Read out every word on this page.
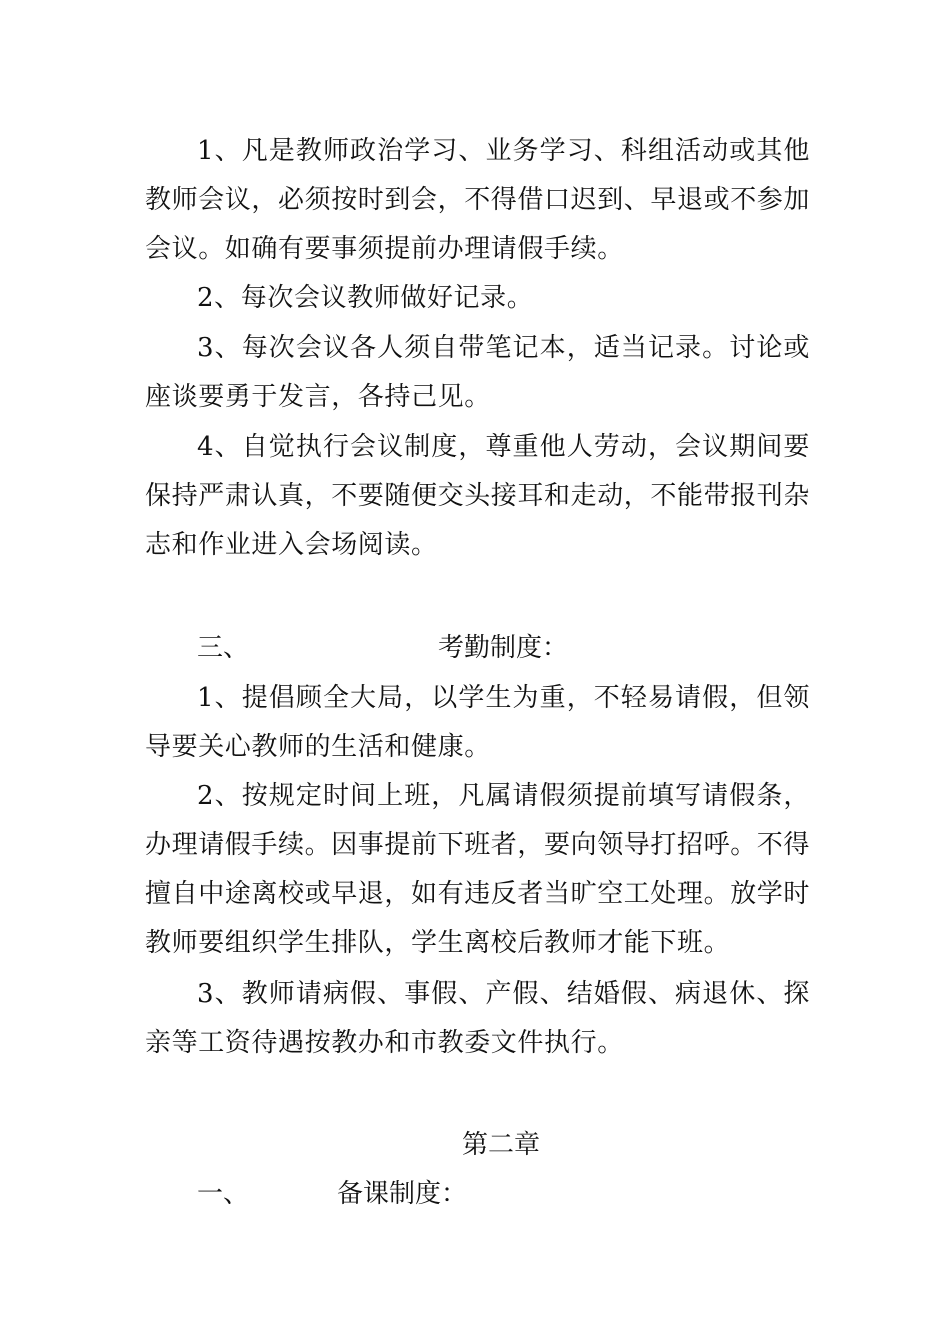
1、凡是教师政治学习、业务学习、科组活动或其他教师会议，必须按时到会，不得借口迟到、早退或不参加会议。如确有要事须提前办理请假手续。

2、每次会议教师做好记录。

3、每次会议各人须自带笔记本，适当记录。讨论或座谈要勇于发言，各持己见。

4、自觉执行会议制度，尊重他人劳动，会议期间要保持严肃认真，不要随便交头接耳和走动，不能带报刊杂志和作业进入会场阅读。

三、	考勤制度：

1、提倡顾全大局，以学生为重，不轻易请假，但领导要关心教师的生活和健康。

2、按规定时间上班，凡属请假须提前填写请假条，办理请假手续。因事提前下班者，要向领导打招呼。不得擅自中途离校或早退，如有违反者当旷空工处理。放学时教师要组织学生排队，学生离校后教师才能下班。

3、教师请病假、事假、产假、结婚假、病退休、探亲等工资待遇按教办和市教委文件执行。

第二章
一、	备课制度：
